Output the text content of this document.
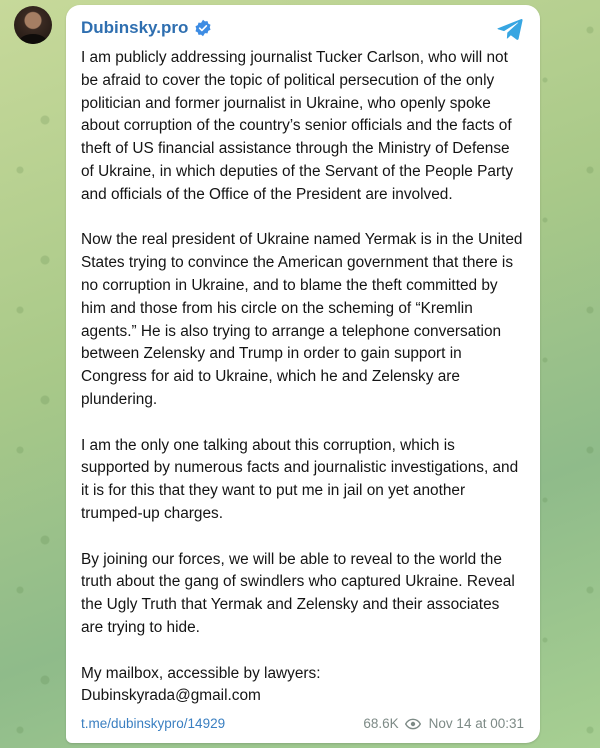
Dubinsky.pro

I am publicly addressing journalist Tucker Carlson, who will not be afraid to cover the topic of political persecution of the only politician and former journalist in Ukraine, who openly spoke about corruption of the country’s senior officials and the facts of theft of US financial assistance through the Ministry of Defense of Ukraine, in which deputies of the Servant of the People Party and officials of the Office of the President are involved.

Now the real president of Ukraine named Yermak is in the United States trying to convince the American government that there is no corruption in Ukraine, and to blame the theft committed by him and those from his circle on the scheming of “Kremlin agents.” He is also trying to arrange a telephone conversation between Zelensky and Trump in order to gain support in Congress for aid to Ukraine, which he and Zelensky are plundering.

I am the only one talking about this corruption, which is supported by numerous facts and journalistic investigations, and it is for this that they want to put me in jail on yet another trumped-up charges.

By joining our forces, we will be able to reveal to the world the truth about the gang of swindlers who captured Ukraine. Reveal the Ugly Truth that Yermak and Zelensky and their associates are trying to hide.

My mailbox, accessible by lawyers:
Dubinskyrada@gmail.com

t.me/dubinskypro/14929	68.6K Nov 14 at 00:31
